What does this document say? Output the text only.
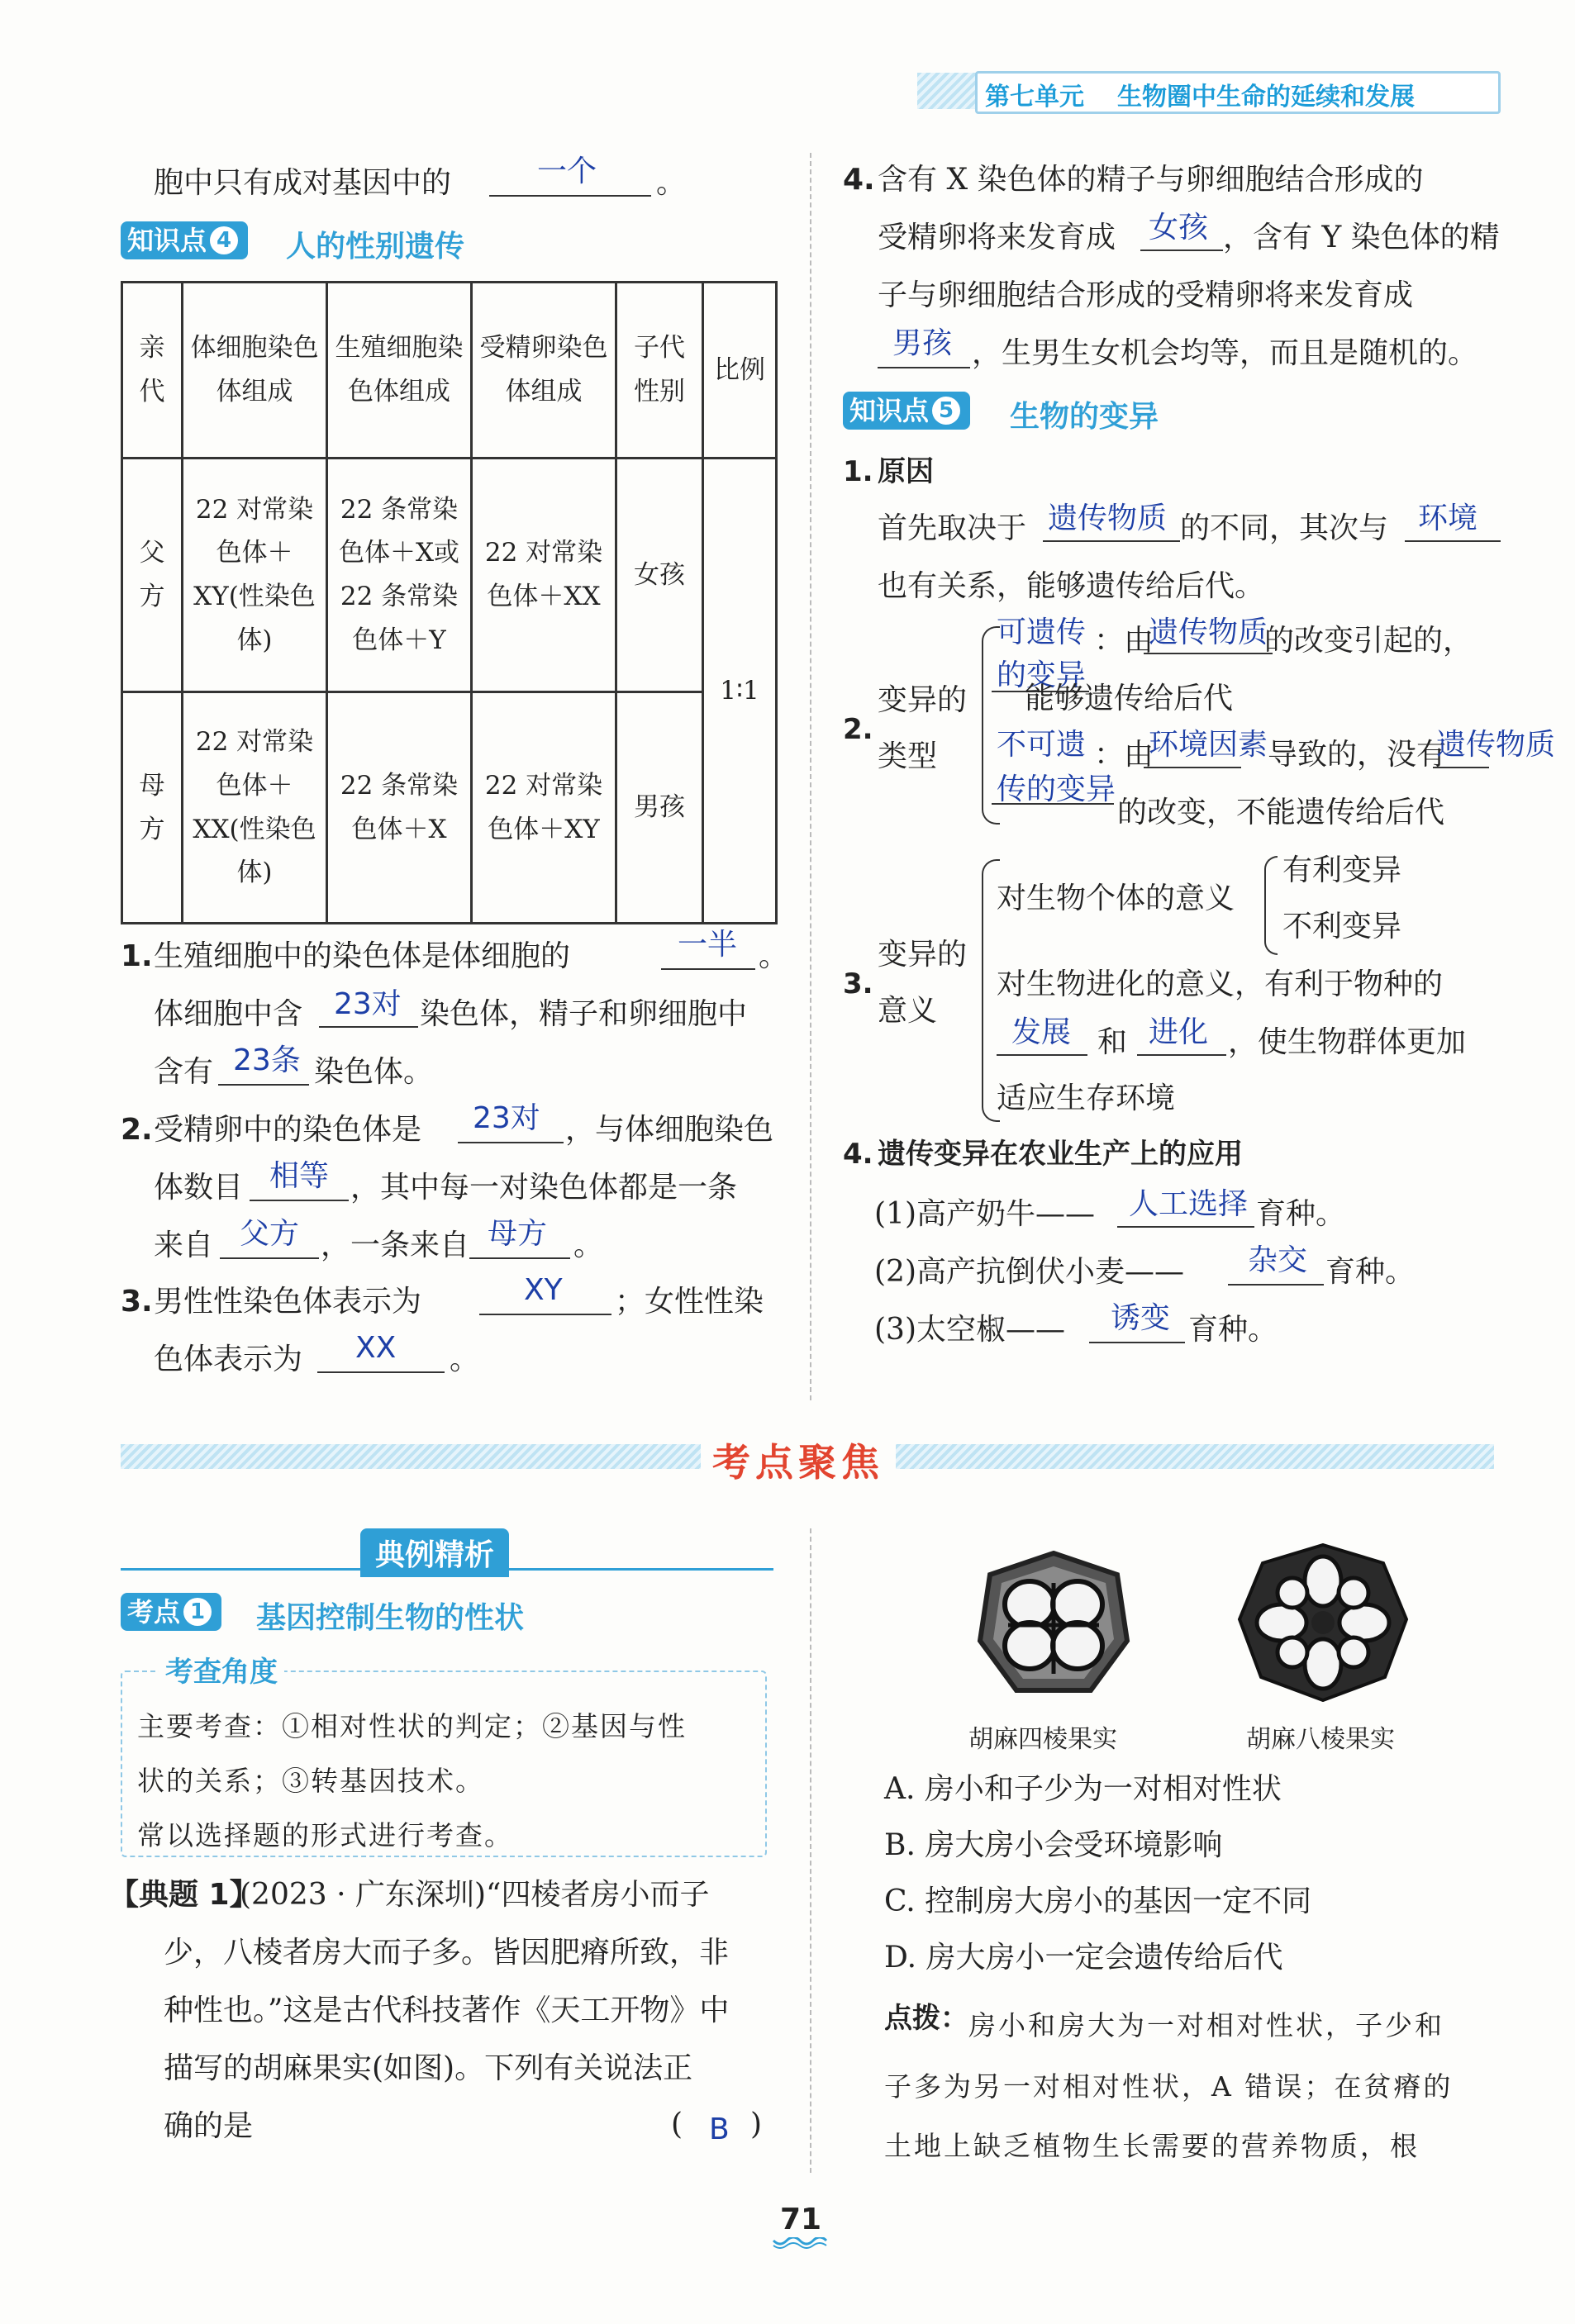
第七单元 生物圈中生命的延续和发展
胞中只有成对基因中的	一个 。
知识点 4	人的性别遗传
亲代	体细胞染色体组成	生殖细胞染色体组成	受精卵染色体组成	子代性别	比例
父方	22 对常染色体＋XY(性染色体)	22 条常染色体＋X或 22 条常染色体＋Y	22 对常染色体＋XX	女孩	1∶1
母方	22 对常染色体＋XX(性染色体)	22 条常染色体＋X	22 对常染色体＋XY	男孩	
1. 生殖细胞中的染色体是体细胞的	一半 。
体细胞中含 23对 染色体，精子和卵细胞中
含有 23条 染色体。
2. 受精卵中的染色体是 23对 ，与体细胞染色
体数目 相等 ，其中每一对染色体都是一条
来自 父方 ，一条来自 母方 。
3. 男性性染色体表示为	XY ；女性性染
色体表示为 XX 。
4. 含有 X 染色体的精子与卵细胞结合形成的
受精卵将来发育成 女孩 ，含有 Y 染色体的精
子与卵细胞结合形成的受精卵将来发育成
男孩 ，生男生女机会均等，而且是随机的。
知识点 5	生物的变异
1. 原因
首先取决于 遗传物质 的不同，其次与 环境
也有关系，能够遗传给后代。
2.
变异的
类型
可遗传
的变异
：由
遗传物质
的改变引起的，
能够遗传给后代
不可遗
传的变异
：由
环境因素 导致的，没有
遗传物质
的改变，不能遗传给后代
3.
变异的
意义
对生物个体的意义
有利变异
不利变异
对生物进化的意义，有利于物种的
发展 和 进化 ，使生物群体更加
适应生存环境
4. 遗传变异在农业生产上的应用
(1)高产奶牛—— 人工选择 育种。
(2)高产抗倒伏小麦—— 杂交 育种。
(3)太空椒—— 诱变 育种。
考点聚焦
典例精析
考点 1	基因控制生物的性状
考查角度
主要考查：①相对性状的判定；②基因与性
状的关系；③转基因技术。
常以选择题的形式进行考查。
【典题 1】
(2023 · 广东深圳)“四棱者房小而子
少，八棱者房大而子多。皆因肥瘠所致，非
种性也。”这是古代科技著作《天工开物》中
描写的胡麻果实(如图)。下列有关说法正
确的是	( B )
胡麻四棱果实	胡麻八棱果实
A. 房小和子少为一对相对性状
B. 房大房小会受环境影响
C. 控制房大房小的基因一定不同
D. 房大房小一定会遗传给后代
点拨： 房小和房大为一对相对性状，子少和
子多为另一对相对性状，A 错误；在贫瘠的
土地上缺乏植物生长需要的营养物质，根
71
